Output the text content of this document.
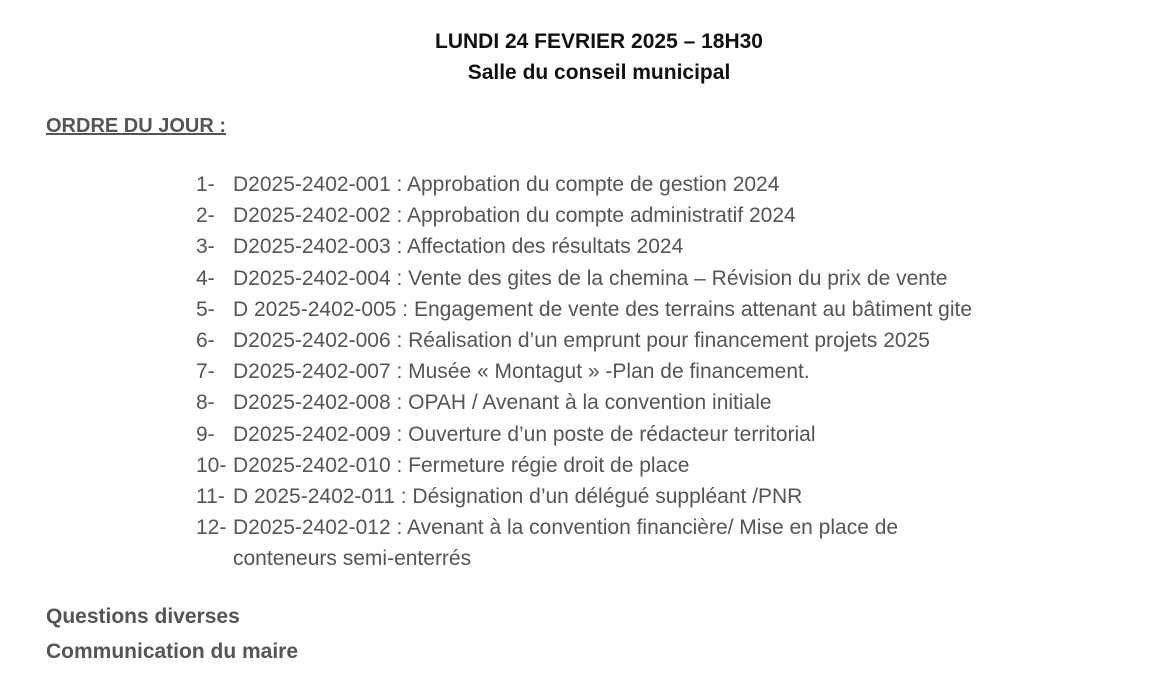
LUNDI 24 FEVRIER 2025 – 18H30
Salle du conseil municipal
ORDRE DU JOUR :
1- D2025-2402-001 : Approbation du compte de gestion 2024
2- D2025-2402-002 : Approbation du compte administratif 2024
3- D2025-2402-003 : Affectation des résultats 2024
4- D2025-2402-004 : Vente des gites de la chemina – Révision du prix de vente
5- D 2025-2402-005 : Engagement de vente des terrains attenant au bâtiment gite
6- D2025-2402-006 : Réalisation d’un emprunt pour financement projets 2025
7- D2025-2402-007 : Musée « Montagut » -Plan de financement.
8- D2025-2402-008 : OPAH / Avenant à la convention initiale
9- D2025-2402-009 : Ouverture d’un poste de rédacteur territorial
10- D2025-2402-010 : Fermeture régie droit de place
11- D 2025-2402-011 : Désignation d’un délégué suppléant /PNR
12- D2025-2402-012 : Avenant à la convention financière/ Mise en place de
conteneurs semi-enterrés
Questions diverses
Communication du maire
